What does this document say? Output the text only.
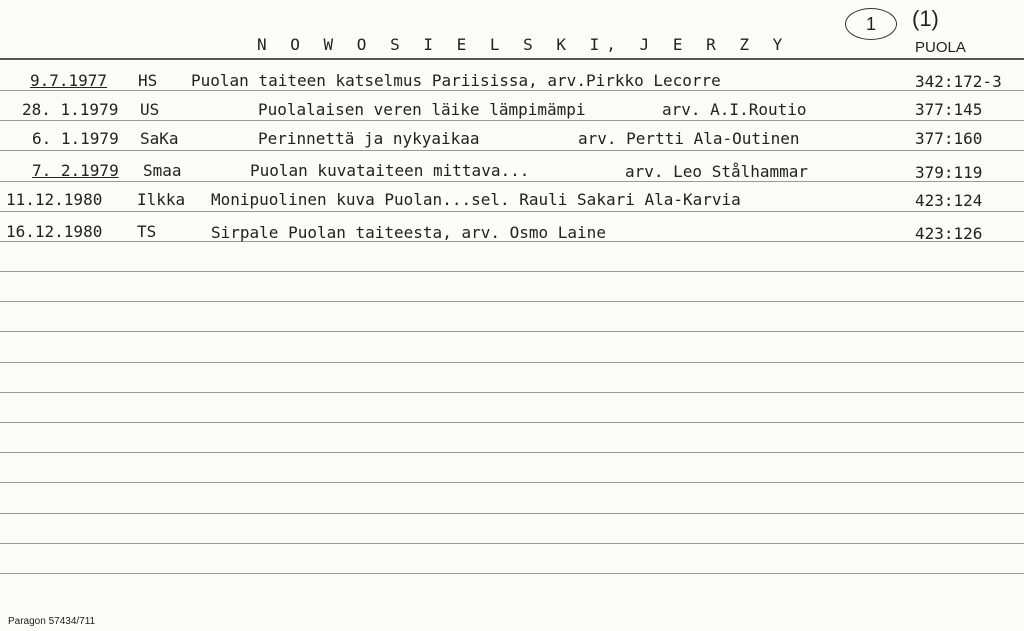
N O W O S I E L S K I, J E R Z Y
1	(1)
PUOLA
9.7.1977 HS Puolan taiteen katselmus Pariisissa, arv.Pirkko Lecorre	342:172-3
28. 1.1979 US	Puolalaisen veren läike lämpimämpi	arv. A.I.Routio	377:145
6. 1.1979 SaKa	Perinnettä ja nykyaikaa	arv. Pertti Ala-Outinen	377:160
7. 2.1979 Smaa	Puolan kuvataiteen mittava...	arv. Leo Stålhammar	379:119
11.12.1980 Ilkka Monipuolinen kuva Puolan...sel. Rauli Sakari Ala-Karvia	423:124
16.12.1980 TS	Sirpale Puolan taiteesta, arv. Osmo Laine	423:126
Paragon 57434/711
